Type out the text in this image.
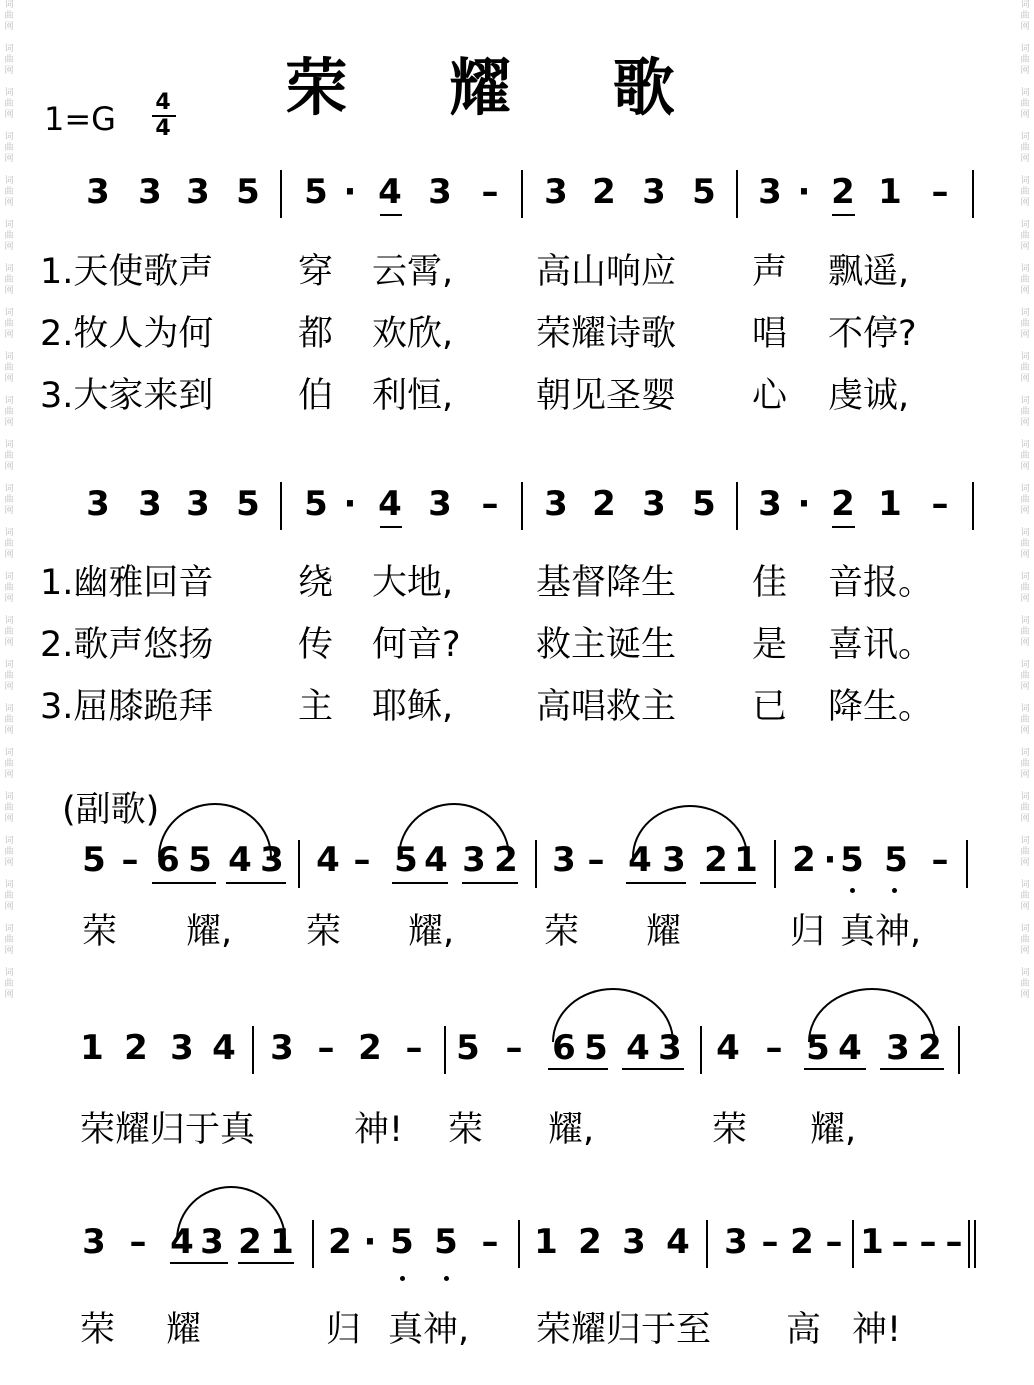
词
曲
网

词
曲
网

词
曲
网

词
曲
网

词
曲
网

词
曲
网

词
曲
网

词
曲
网

词
曲
网

词
曲
网

词
曲
网

词
曲
网

词
曲
网

词
曲
网

词
曲
网

词
曲
网

词
曲
网

词
曲
网

词
曲
网

词
曲
网

词
曲
网

词
曲
网

词
曲
网

词
曲
网

词
曲
网

词
曲
网

词
曲
网

词
曲
网

词
曲
网

词
曲
网

词
曲
网

词
曲
网

词
曲
网

词
曲
网

词
曲
网

词
曲
网

词
曲
网

词
曲
网

词
曲
网

词
曲
网

词
曲
网

词
曲
网

词
曲
网

词
曲
网

词
曲
网

词
曲
网

荣 耀 歌
1=G 4
4
3 3 3 5 5 · 4 3 – 3 2 3 5 3 · 2 1 –
1.天使歌声 穿 云霄, 高山响应 声 飘遥,
2.牧人为何 都 欢欣, 荣耀诗歌 唱 不停?
3.大家来到 伯 利恒, 朝见圣婴 心 虔诚,
3 3 3 5 5 · 4 3 – 3 2 3 5 3 · 2 1 –
1.幽雅回音 绕 大地, 基督降生 佳 音报。
2.歌声悠扬 传 何音? 救主诞生 是 喜讯。
3.屈膝跪拜 主 耶稣, 高唱救主 已 降生。
(副歌)
5 – 6 5 4 3 4 – 5 4 3 2 3 – 4 3 2 1 2 · 5 5 –
荣 耀, 荣 耀,	荣 耀	归 真神,
1 2 3 4 3 – 2 – 5 – 6 5 4 3 4 – 5 4 3 2
荣耀归于真	神! 荣 耀,	荣 耀,
3 – 4 3 2 1 2 · 5 5 – 1 2 3 4 3 – 2 – 1 – – –
荣 耀	归 真神, 荣耀归于至 高 神!
